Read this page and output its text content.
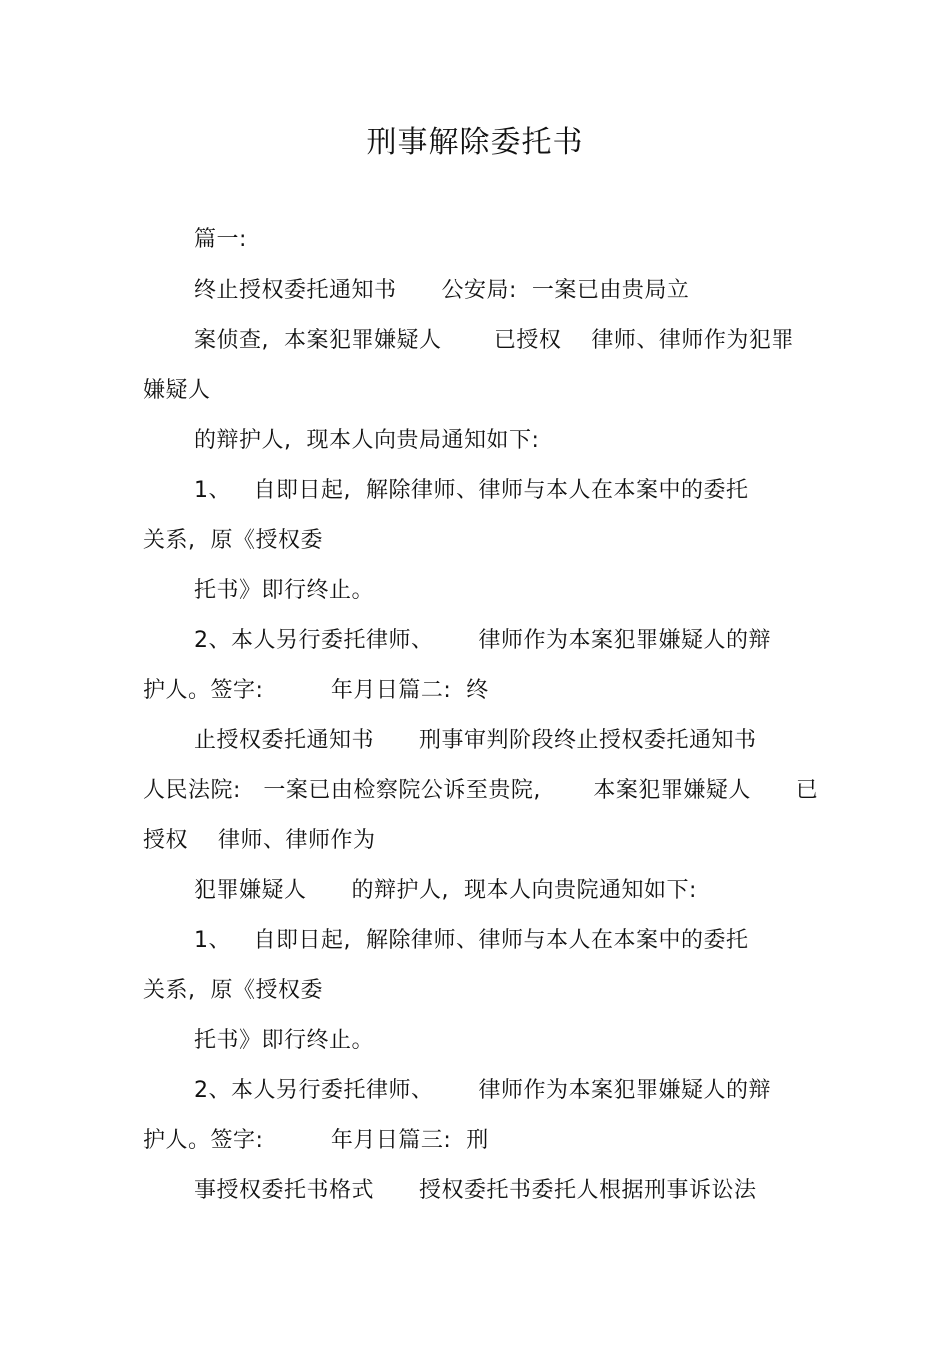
刑事解除委托书
篇一:
终止授权委托通知书      公安局:  一案已由贵局立
案侦查,  本案犯罪嫌疑人       已授权    律师、律师作为犯罪
嫌疑人
的辩护人,  现本人向贵局通知如下:
1、   自即日起,  解除律师、律师与本人在本案中的委托
关系,  原《授权委
托书》即行终止。
2、本人另行委托律师、      律师作为本案犯罪嫌疑人的辩
护人。签字:         年月日篇二:  终
止授权委托通知书      刑事审判阶段终止授权委托通知书
人民法院:   一案已由检察院公诉至贵院,       本案犯罪嫌疑人      已
授权    律师、律师作为
犯罪嫌疑人      的辩护人,  现本人向贵院通知如下:
1、   自即日起,  解除律师、律师与本人在本案中的委托
关系,  原《授权委
托书》即行终止。
2、本人另行委托律师、      律师作为本案犯罪嫌疑人的辩
护人。签字:         年月日篇三:  刑
事授权委托书格式      授权委托书委托人根据刑事诉讼法
